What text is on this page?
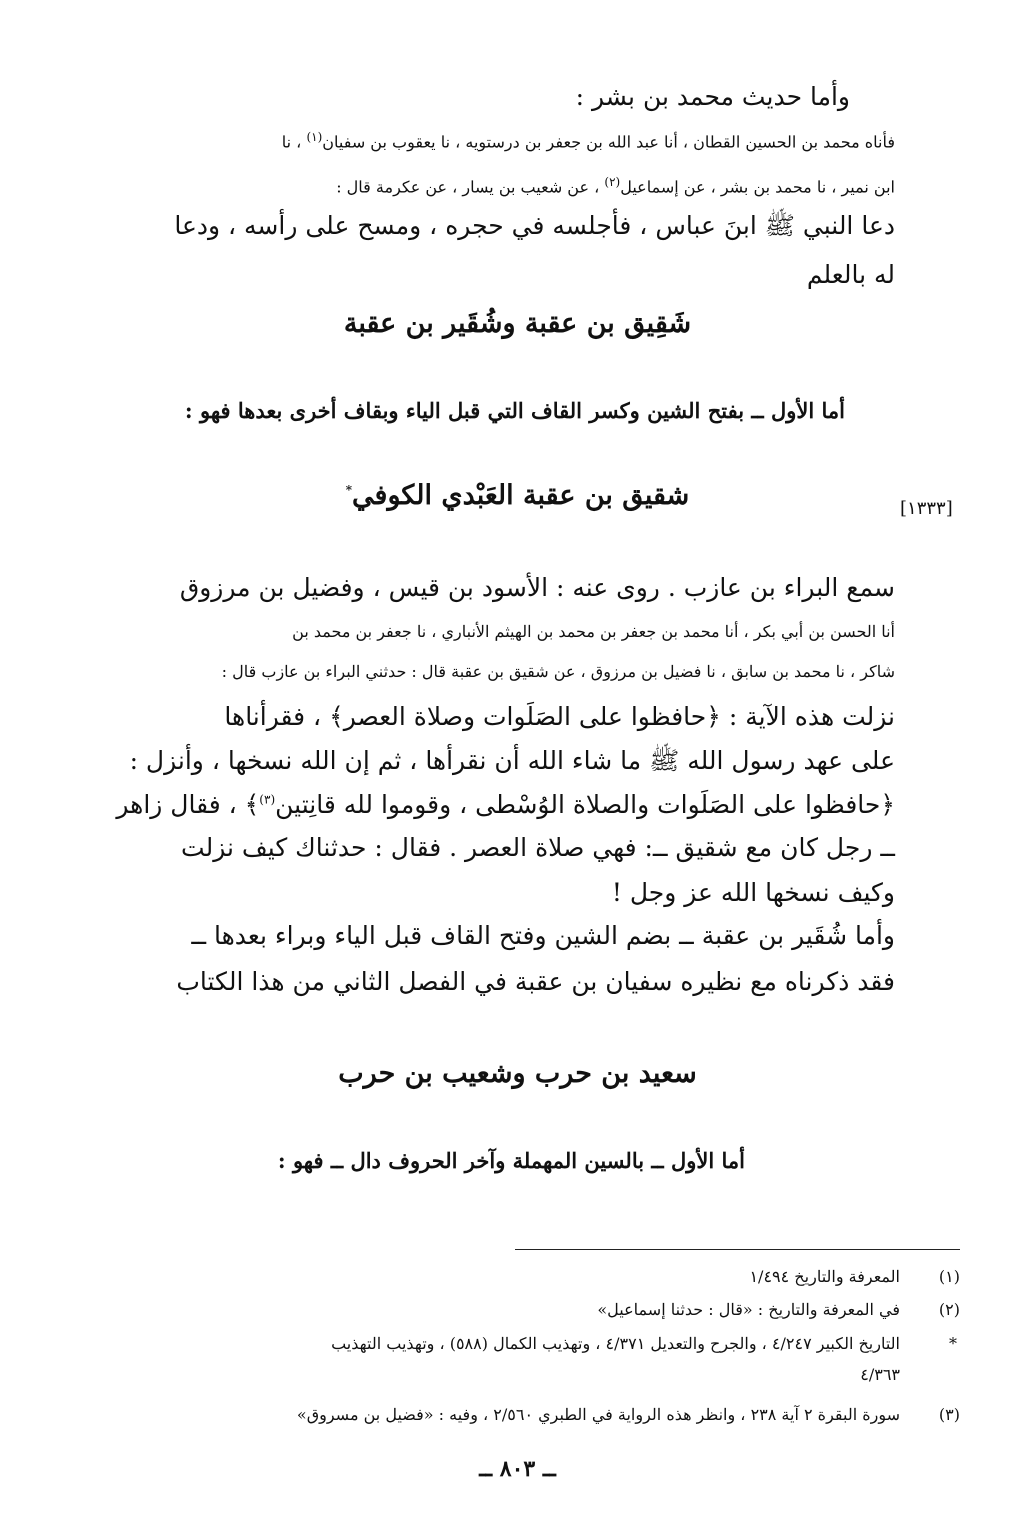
وأما حديث محمد بن بشر :
فأناه محمد بن الحسين القطان ، أنا عبد الله بن جعفر بن درستويه ، نا يعقوب بن سفيان$^{(١)}$ ، نا
ابن نمير ، نا محمد بن بشر ، عن إسماعيل$^{(٢)}$ ، عن شعيب بن يسار ، عن عكرمة قال :
دعا النبي ﷺ ابنَ عباس ، فأجلسه في حجره ، ومسح على رأسه ، ودعا
له بالعلم
شَقِيق بن عقبة وشُقَير بن عقبة
أما الأول ــ بفتح الشين وكسر القاف التي قبل الياء وبقاف أخرى بعدها فهو :
[١٣٣٣]
شقيق بن عقبة العَبْدي الكوفي*
سمع البراء بن عازب . روى عنه : الأسود بن قيس ، وفضيل بن مرزوق
أنا الحسن بن أبي بكر ، أنا محمد بن جعفر بن محمد بن الهيثم الأنباري ، نا جعفر بن محمد بن
شاكر ، نا محمد بن سابق ، نا فضيل بن مرزوق ، عن شقيق بن عقبة قال : حدثني البراء بن عازب قال :
نزلت هذه الآية : ﴿حافظوا على الصَلَوات وصلاة العصر﴾ ، فقرأناها
على عهد رسول الله ﷺ ما شاء الله أن نقرأها ، ثم إن الله نسخها ، وأنزل :
﴿حافظوا على الصَلَوات والصلاة الوُسْطى ، وقوموا لله قانِتين$^{(٣)}$﴾ ، فقال زاهر
ــ رجل كان مع شقيق ــ: فهي صلاة العصر . فقال : حدثناك كيف نزلت
وكيف نسخها الله عز وجل !
وأما شُقَير بن عقبة ــ بضم الشين وفتح القاف قبل الياء وبراء بعدها ــ
فقد ذكرناه مع نظيره سفيان بن عقبة في الفصل الثاني من هذا الكتاب
سعيد بن حرب وشعيب بن حرب
أما الأول ــ بالسين المهملة وآخر الحروف دال ــ فهو :
(١)
المعرفة والتاريخ ١/٤٩٤
(٢)
في المعرفة والتاريخ : «قال : حدثنا إسماعيل»
*
التاريخ الكبير ٤/٢٤٧ ، والجرح والتعديل ٤/٣٧١ ، وتهذيب الكمال (٥٨٨) ، وتهذيب التهذيب
٤/٣٦٣
(٣)
سورة البقرة ٢ آية ٢٣٨ ، وانظر هذه الرواية في الطبري ٢/٥٦٠ ، وفيه : «فضيل بن مسروق»
ــ ٨٠٣ ــ
